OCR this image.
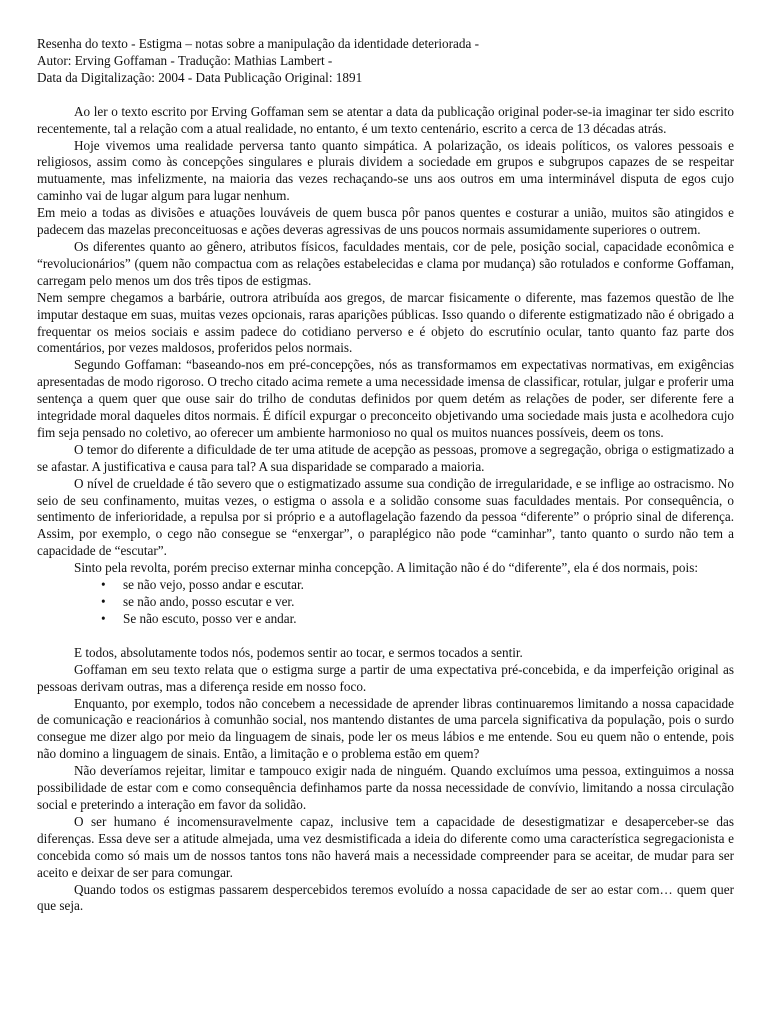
Resenha do texto - Estigma – notas sobre a manipulação da identidade deteriorada -

Autor: Erving Goffaman - Tradução: Mathias Lambert -

Data da Digitalização: 2004 - Data Publicação Original: 1891

Ao ler o texto escrito por Erving Goffaman sem se atentar a data da publicação original poder-se-ia imaginar ter sido escrito recentemente, tal a relação com a atual realidade, no entanto, é um texto centenário, escrito a cerca de 13 décadas atrás.

Hoje vivemos uma realidade perversa tanto quanto simpática. A polarização, os ideais políticos, os valores pessoais e religiosos, assim como às concepções singulares e plurais dividem a sociedade em grupos e subgrupos capazes de se respeitar mutuamente, mas infelizmente, na maioria das vezes rechaçando-se uns aos outros em uma interminável disputa de egos cujo caminho vai de lugar algum para lugar nenhum.

Em meio a todas as divisões e atuações louváveis de quem busca pôr panos quentes e costurar a união, muitos são atingidos e padecem das mazelas preconceituosas e ações deveras agressivas de uns poucos normais assumidamente superiores o outrem.

Os diferentes quanto ao gênero, atributos físicos, faculdades mentais, cor de pele, posição social, capacidade econômica e “revolucionários” (quem não compactua com as relações estabelecidas e clama por mudança) são rotulados e conforme Goffaman, carregam pelo menos um dos três tipos de estigmas.

Nem sempre chegamos a barbárie, outrora atribuída aos gregos, de marcar fisicamente o diferente, mas fazemos questão de lhe imputar destaque em suas, muitas vezes opcionais, raras aparições públicas. Isso quando o diferente estigmatizado não é obrigado a frequentar os meios sociais e assim padece do cotidiano perverso e é objeto do escrutínio ocular, tanto quanto faz parte dos comentários, por vezes maldosos, proferidos pelos normais.

Segundo Goffaman: “baseando-nos em pré-concepções, nós as transformamos em expectativas normativas, em exigências apresentadas de modo rigoroso. O trecho citado acima remete a uma necessidade imensa de classificar, rotular, julgar e proferir uma sentença a quem quer que ouse sair do trilho de condutas definidos por quem detém as relações de poder, ser diferente fere a integridade moral daqueles ditos normais. É difícil expurgar o preconceito objetivando uma sociedade mais justa e acolhedora cujo fim seja pensado no coletivo, ao oferecer um ambiente harmonioso no qual os muitos nuances possíveis, deem os tons.

O temor do diferente a dificuldade de ter uma atitude de acepção as pessoas, promove a segregação, obriga o estigmatizado a se afastar. A justificativa e causa para tal? A sua disparidade se comparado a maioria.

O nível de crueldade é tão severo que o estigmatizado assume sua condição de irregularidade, e se inflige ao ostracismo. No seio de seu confinamento, muitas vezes, o estigma o assola e a solidão consome suas faculdades mentais. Por consequência, o sentimento de inferioridade, a repulsa por si próprio e a autoflagelação fazendo da pessoa “diferente” o próprio sinal de diferença. Assim, por exemplo, o cego não consegue se “enxergar”, o paraplégico não pode “caminhar”, tanto quanto o surdo não tem a capacidade de “escutar”.

Sinto pela revolta, porém preciso externar minha concepção. A limitação não é do “diferente”, ela é dos normais, pois:

• se não vejo, posso andar e escutar.
• se não ando, posso escutar e ver.
• Se não escuto, posso ver e andar.

E todos, absolutamente todos nós, podemos sentir ao tocar, e sermos tocados a sentir.

Goffaman em seu texto relata que o estigma surge a partir de uma expectativa pré-concebida, e da imperfeição original as pessoas derivam outras, mas a diferença reside em nosso foco.

Enquanto, por exemplo, todos não concebem a necessidade de aprender libras continuaremos limitando a nossa capacidade de comunicação e reacionários à comunhão social, nos mantendo distantes de uma parcela significativa da população, pois o surdo consegue me dizer algo por meio da linguagem de sinais, pode ler os meus lábios e me entende. Sou eu quem não o entende, pois não domino a linguagem de sinais. Então, a limitação e o problema estão em quem?

Não deveríamos rejeitar, limitar e tampouco exigir nada de ninguém. Quando excluímos uma pessoa, extinguimos a nossa possibilidade de estar com e como consequência definhamos parte da nossa necessidade de convívio, limitando a nossa circulação social e preterindo a interação em favor da solidão.

O ser humano é incomensuravelmente capaz, inclusive tem a capacidade de desestigmatizar e desaperceber-se das diferenças. Essa deve ser a atitude almejada, uma vez desmistificada a ideia do diferente como uma característica segregacionista e concebida como só mais um de nossos tantos tons não haverá mais a necessidade compreender para se aceitar, de mudar para ser aceito e deixar de ser para comungar.

Quando todos os estigmas passarem despercebidos teremos evoluído a nossa capacidade de ser ao estar com… quem quer que seja.
